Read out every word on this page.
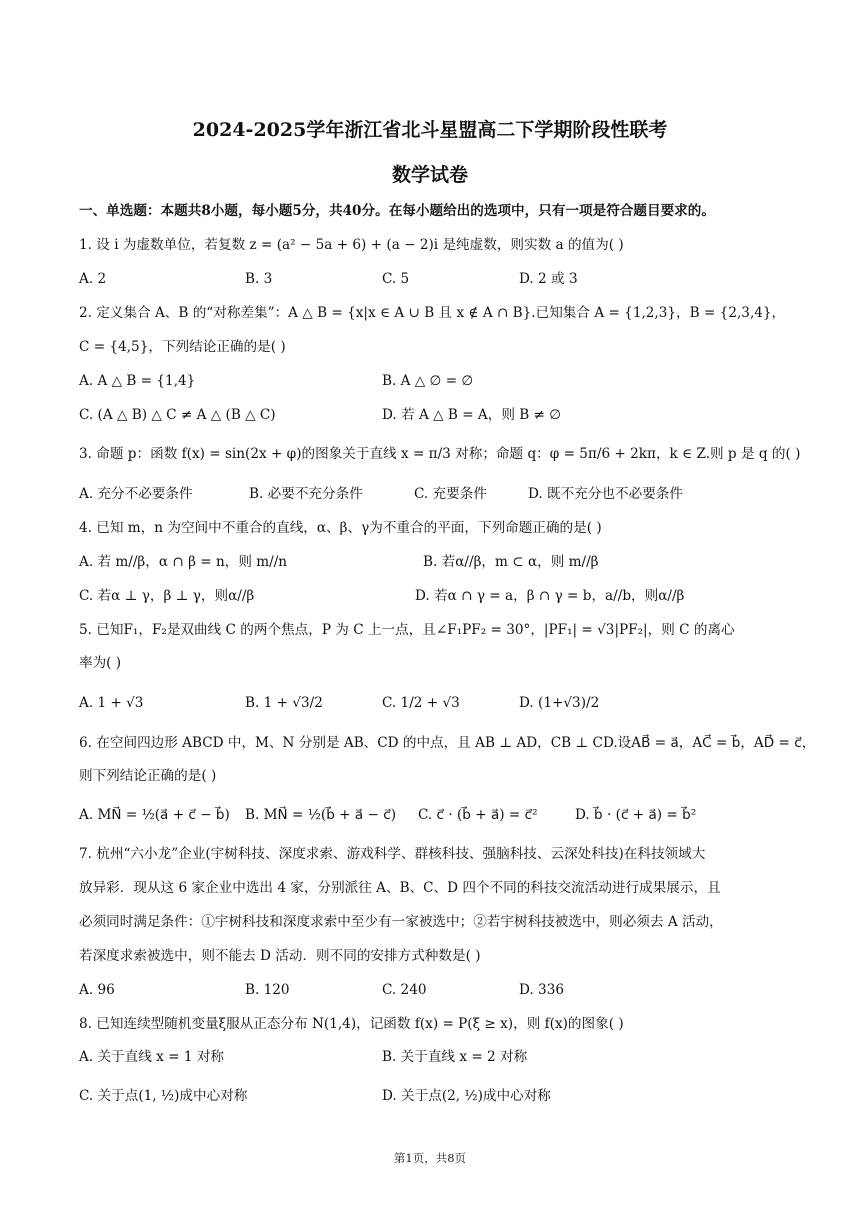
2024-2025学年浙江省北斗星盟高二下学期阶段性联考
数学试卷
一、单选题：本题共8小题，每小题5分，共40分。在每小题给出的选项中，只有一项是符合题目要求的。
1. 设 i 为虚数单位，若复数 z = (a² − 5a + 6) + (a − 2)i 是纯虚数，则实数 a 的值为( )
A. 2	B. 3	C. 5	D. 2 或 3
2. 定义集合 A、B 的“对称差集”：A △ B = {x|x ∈ A ∪ B 且 x ∉ A ∩ B}.已知集合 A = {1,2,3}，B = {2,3,4}，
C = {4,5}，下列结论正确的是( )
A. A △ B = {1,4}	B. A △ ∅ = ∅
C. (A △ B) △ C ≠ A △ (B △ C)	D. 若 A △ B = A，则 B ≠ ∅
3. 命题 p：函数 f(x) = sin(2x + φ)的图象关于直线 x = π/3 对称；命题 q：φ = 5π/6 + 2kπ，k ∈ Z.则 p 是 q 的( )
A. 充分不必要条件	B. 必要不充分条件	C. 充要条件	D. 既不充分也不必要条件
4. 已知 m，n 为空间中不重合的直线，α、β、γ为不重合的平面，下列命题正确的是( )
A. 若 m//β，α ∩ β = n，则 m//n	B. 若α//β，m ⊂ α，则 m//β
C. 若α ⊥ γ，β ⊥ γ，则α//β	D. 若α ∩ γ = a，β ∩ γ = b，a//b，则α//β
5. 已知F₁，F₂是双曲线 C 的两个焦点，P 为 C 上一点，且∠F₁PF₂ = 30°，|PF₁| = √3|PF₂|，则 C 的离心
率为( )
A. 1 + √3	B. 1 + √3/2	C. 1/2 + √3	D. (1+√3)/2
6. 在空间四边形 ABCD 中，M、N 分别是 AB、CD 的中点，且 AB ⊥ AD，CB ⊥ CD.设AB⃗ = a⃗，AC⃗ = b⃗，AD⃗ = c⃗，
则下列结论正确的是( )
A. MN⃗ = ½(a⃗ + c⃗ − b⃗) B. MN⃗ = ½(b⃗ + a⃗ − c⃗) C. c⃗ · (b⃗ + a⃗) = c⃗²	D. b⃗ · (c⃗ + a⃗) = b⃗²
7. 杭州“六小龙”企业(宇树科技、深度求索、游戏科学、群核科技、强脑科技、云深处科技)在科技领域大
放异彩．现从这 6 家企业中选出 4 家，分别派往 A、B、C、D 四个不同的科技交流活动进行成果展示，且
必须同时满足条件：①宇树科技和深度求索中至少有一家被选中；②若宇树科技被选中，则必须去 A 活动，
若深度求索被选中，则不能去 D 活动．则不同的安排方式种数是( )
A. 96	B. 120	C. 240	D. 336
8. 已知连续型随机变量ξ服从正态分布 N(1,4)，记函数 f(x) = P(ξ ≥ x)，则 f(x)的图象( )
A. 关于直线 x = 1 对称	B. 关于直线 x = 2 对称
C. 关于点(1, ½)成中心对称	D. 关于点(2, ½)成中心对称
第1页，共8页
